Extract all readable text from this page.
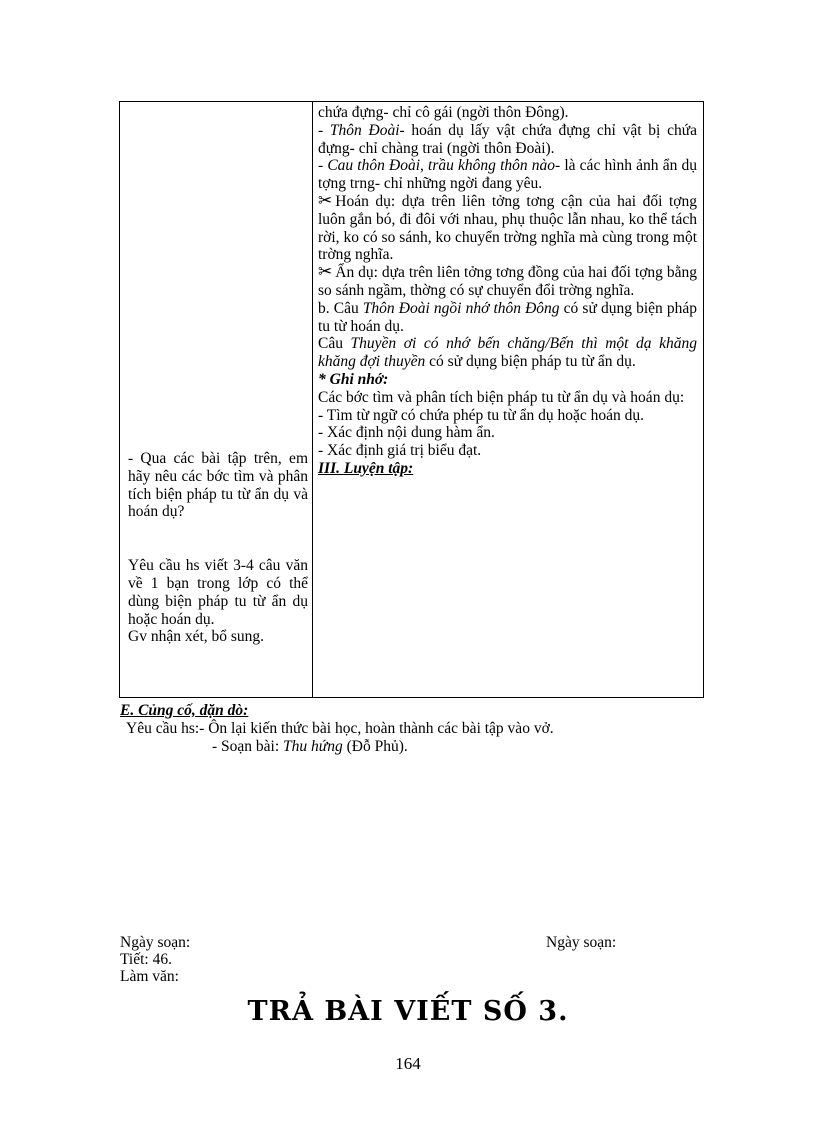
- Qua các bài tập trên, em hãy nêu các bớc tìm và phân tích biện pháp tu từ ẩn dụ và hoán dụ?

Yêu cầu hs viết 3-4 câu văn về 1 bạn trong lớp có thể dùng biện pháp tu từ ẩn dụ hoặc hoán dụ.

Gv nhận xét, bổ sung.

chứa đựng- chỉ cô gái (ngời thôn Đông).

- Thôn Đoài- hoán dụ lấy vật chứa đựng chỉ vật bị chứa đựng- chỉ chàng trai (ngời thôn Đoài).

- Cau thôn Đoài, trầu không thôn nào- là các hình ảnh ẩn dụ tợng trng- chỉ những ngời đang yêu.

✂ Hoán dụ: dựa trên liên tởng tơng cận của hai đối tợng luôn gắn bó, đi đôi với nhau, phụ thuộc lẫn nhau, ko thể tách rời, ko có so sánh, ko chuyển trờng nghĩa mà cùng trong một trờng nghĩa.

✂ Ẩn dụ: dựa trên liên tởng tơng đồng của hai đối tợng bằng so sánh ngầm, thờng có sự chuyển đổi trờng nghĩa.

b. Câu Thôn Đoài ngồi nhớ thôn Đông có sử dụng biện pháp tu từ hoán dụ.

Câu Thuyền ơi có nhớ bến chăng/Bến thì một dạ khăng khăng đợi thuyền có sử dụng biện pháp tu từ ẩn dụ.

* Ghi nhớ:

Các bớc tìm và phân tích biện pháp tu từ ẩn dụ và hoán dụ:

- Tìm từ ngữ có chứa phép tu từ ẩn dụ hoặc hoán dụ.

- Xác định nội dung hàm ẩn.

- Xác định giá trị biểu đạt.

III. Luyện tập:

E. Củng cố, dặn dò:

Yêu cầu hs:- Ôn lại kiến thức bài học, hoàn thành các bài tập vào vở.

- Soạn bài: Thu hứng (Đỗ Phủ).

Ngày soạn:

Tiết: 46.

Làm văn:

Ngày soạn:
TRẢ BÀI VIẾT SỐ 3.
164
